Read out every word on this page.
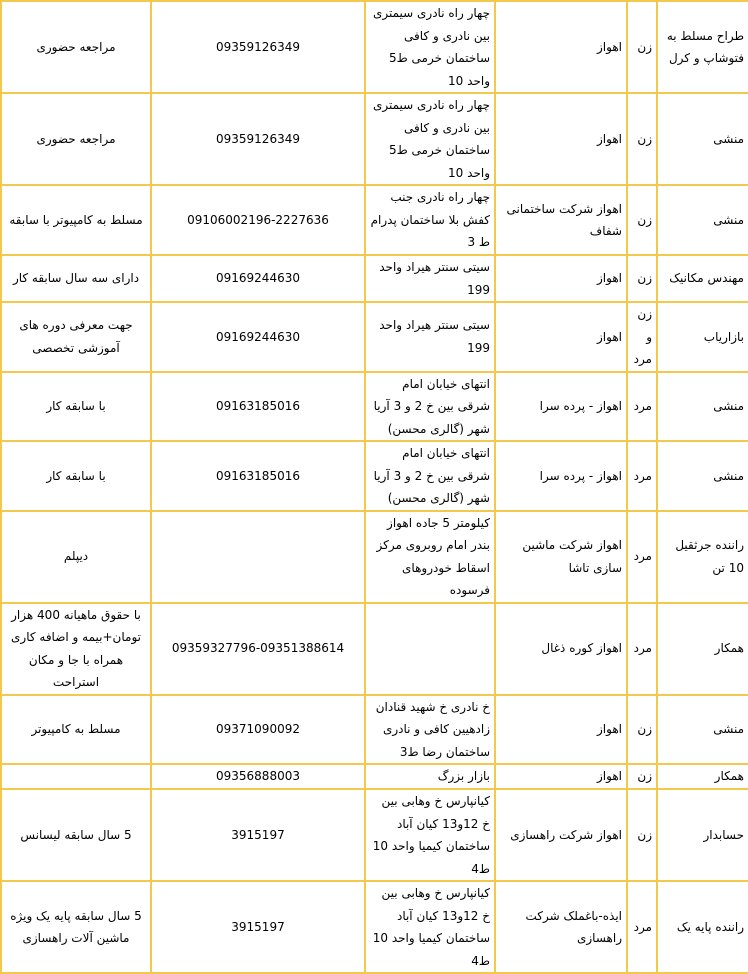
طراح مسلط به فتوشاپ و کرل	زن	اهواز	چهار راه نادری سیمتری بین نادری و کافی ساختمان خرمی ط5 واحد 10	09359126349	مراجعه حضوری
منشی	زن	اهواز	چهار راه نادری سیمتری بین نادری و کافی ساختمان خرمی ط5 واحد 10	09359126349	مراجعه حضوری
منشی	زن	اهواز شرکت ساختمانی شفاف	چهار راه نادری جنب کفش بلا ساختمان پدرام ط 3	09106002196-2227636	مسلط به کامپیوتر با سابقه
مهندس مکانیک	زن	اهواز	سیتی سنتر هیراد واحد 199	09169244630	دارای سه سال سابقه کار
بازاریاب	زن و مرد	اهواز	سیتی سنتر هیراد واحد 199	09169244630	جهت معرفی دوره های آموزشی تخصصی
منشی	مرد	اهواز - پرده سرا	انتهای خیابان امام شرقی بین خ 2 و 3 آریا شهر (گالری محسن)	09163185016	با سابقه کار
منشی	مرد	اهواز - پرده سرا	انتهای خیابان امام شرقی بین خ 2 و 3 آریا شهر (گالری محسن)	09163185016	با سابقه کار
راننده جرثقیل 10 تن	مرد	اهواز شرکت ماشین سازی تاشا	کیلومتر 5 جاده اهواز بندر امام روبروی مرکز اسقاط خودروهای فرسوده		دیپلم
همکار	مرد	اهواز کوره ذغال		09359327796-09351388614	با حقوق ماهیانه 400 هزار تومان+بیمه و اضافه کاری همراه با جا و مکان استراحت
منشی	زن	اهواز	خ نادری خ شهید قنادان زادهیین کافی و نادری ساختمان رضا ط3	09371090092	مسلط به کامپیوتر
همکار	زن	اهواز	بازار بزرگ	09356888003	
حسابدار	زن	اهواز شرکت راهسازی	کیانپارس خ وهابی بین خ 12و13 کیان آباد ساختمان کیمیا واحد 10 ط4	3915197	5 سال سابقه لیسانس
راننده پایه یک	مرد	ایذه-باغملک شرکت راهسازی	کیانپارس خ وهابی بین خ 12و13 کیان آباد ساختمان کیمیا واحد 10 ط4	3915197	5 سال سابقه پایه یک ویژه ماشین آلات راهسازی
